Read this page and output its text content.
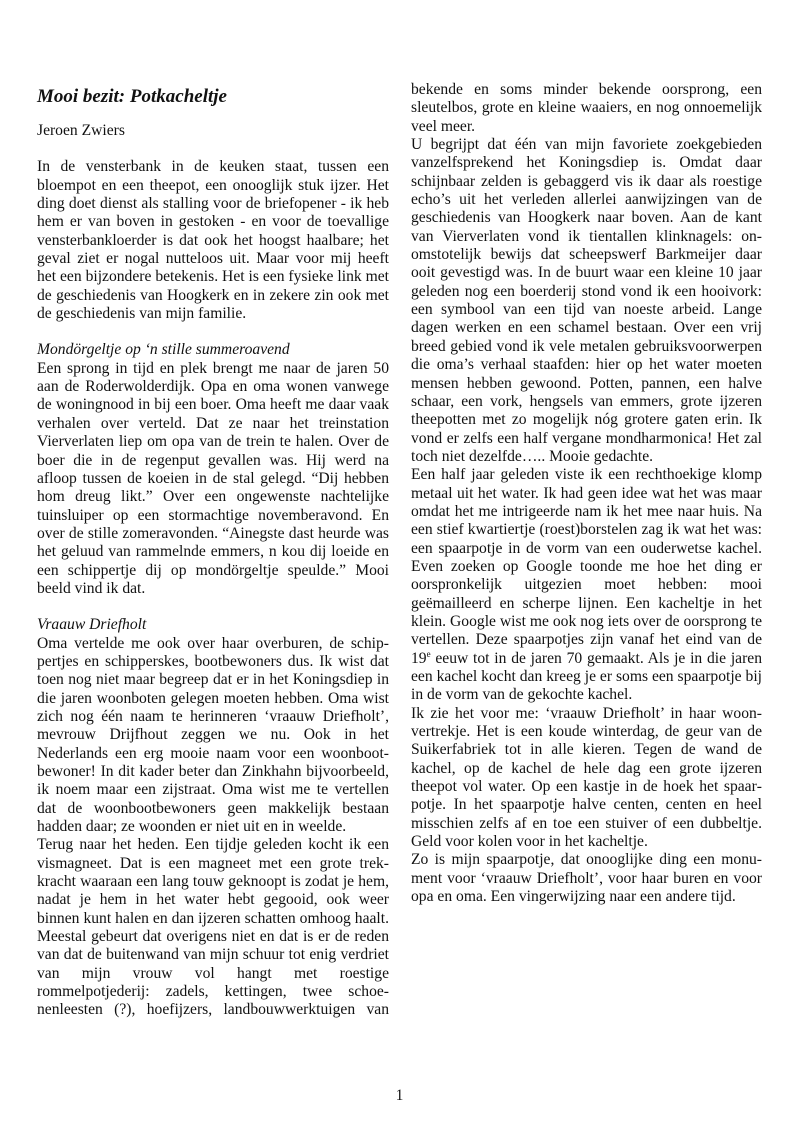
Mooi bezit: Potkacheltje
Jeroen Zwiers

In de vensterbank in de keuken staat, tussen een bloempot en een theepot, een onooglijk stuk ijzer. Het ding doet dienst als stalling voor de briefopener - ik heb hem er van boven in gestoken - en voor de toevallige vensterbankloerder is dat ook het hoogst haalbare; het geval ziet er nogal nutteloos uit. Maar voor mij heeft het een bijzondere betekenis. Het is een fysieke link met de geschiedenis van Hoogkerk en in zekere zin ook met de geschiedenis van mijn familie.

Mondörgeltje op ‘n stille summeroavend

Een sprong in tijd en plek brengt me naar de jaren 50 aan de Roderwolderdijk. Opa en oma wonen vanwege de woningnood in bij een boer. Oma heeft me daar vaak verhalen over verteld. Dat ze naar het treinstation Vierverlaten liep om opa van de trein te halen. Over de boer die in de regenput gevallen was. Hij werd na afloop tussen de koeien in de stal gelegd. “Dij hebben hom dreug likt.” Over een ongewenste nachtelijke tuinsluiper op een stormachtige novemberavond. En over de stille zomeravonden. “Ainegste dast heurde was het geluud van rammelnde emmers, n kou dij loeide en een schippertje dij op mondörgeltje speulde.” Mooi beeld vind ik dat.

Vraauw Driefholt

Oma vertelde me ook over haar overburen, de schippertjes en schipperskes, bootbewoners dus. Ik wist dat toen nog niet maar begreep dat er in het Koningsdiep in die jaren woonboten gelegen moeten hebben. Oma wist zich nog één naam te herinneren ‘vraauw Driefholt’, mevrouw Drijfhout zeggen we nu. Ook in het Nederlands een erg mooie naam voor een woonbootbewoner! In dit kader beter dan Zinkhahn bijvoorbeeld, ik noem maar een zijstraat. Oma wist me te vertellen dat de woonbootbewoners geen makkelijk bestaan hadden daar; ze woonden er niet uit en in weelde.

Terug naar het heden. Een tijdje geleden kocht ik een vismagneet. Dat is een magneet met een grote trekkracht waaraan een lang touw geknoopt is zodat je hem, nadat je hem in het water hebt gegooid, ook weer binnen kunt halen en dan ijzeren schatten omhoog haalt. Meestal gebeurt dat overigens niet en dat is er de reden van dat de buitenwand van mijn schuur tot enig verdriet van mijn vrouw vol hangt met roestige rommelpotjederij: zadels, kettingen, twee schoenenleesten (?), hoefijzers, landbouwwerktuigen van

bekende en soms minder bekende oorsprong, een sleutelbos, grote en kleine waaiers, en nog onnoemelijk veel meer.

U begrijpt dat één van mijn favoriete zoekgebieden vanzelfsprekend het Koningsdiep is. Omdat daar schijnbaar zelden is gebaggerd vis ik daar als roestige echo’s uit het verleden allerlei aanwijzingen van de geschiedenis van Hoogkerk naar boven. Aan de kant van Vierverlaten vond ik tientallen klinknagels: onomstotelijk bewijs dat scheepswerf Barkmeijer daar ooit gevestigd was. In de buurt waar een kleine 10 jaar geleden nog een boerderij stond vond ik een hooivork: een symbool van een tijd van noeste arbeid. Lange dagen werken en een schamel bestaan. Over een vrij breed gebied vond ik vele metalen gebruiksvoorwerpen die oma’s verhaal staafden: hier op het water moeten mensen hebben gewoond. Potten, pannen, een halve schaar, een vork, hengsels van emmers, grote ijzeren theepotten met zo mogelijk nóg grotere gaten erin. Ik vond er zelfs een half vergane mondharmonica! Het zal toch niet dezelfde….. Mooie gedachte.

Een half jaar geleden viste ik een rechthoekige klomp metaal uit het water. Ik had geen idee wat het was maar omdat het me intrigeerde nam ik het mee naar huis. Na een stief kwartiertje (roest)borstelen zag ik wat het was: een spaarpotje in de vorm van een ouderwetse kachel. Even zoeken op Google toonde me hoe het ding er oorspronkelijk uitgezien moet hebben: mooi geëmailleerd en scherpe lijnen. Een kacheltje in het klein. Google wist me ook nog iets over de oorsprong te vertellen. Deze spaarpotjes zijn vanaf het eind van de 19e eeuw tot in de jaren 70 gemaakt. Als je in die jaren een kachel kocht dan kreeg je er soms een spaarpotje bij in de vorm van de gekochte kachel.

Ik zie het voor me: ‘vraauw Driefholt’ in haar woonvertrekje. Het is een koude winterdag, de geur van de Suikerfabriek tot in alle kieren. Tegen de wand de kachel, op de kachel de hele dag een grote ijzeren theepot vol water. Op een kastje in de hoek het spaarpotje. In het spaarpotje halve centen, centen en heel misschien zelfs af en toe een stuiver of een dubbeltje. Geld voor kolen voor in het kacheltje.

Zo is mijn spaarpotje, dat onooglijke ding een monument voor ‘vraauw Driefholt’, voor haar buren en voor opa en oma. Een vingerwijzing naar een andere tijd.

1
